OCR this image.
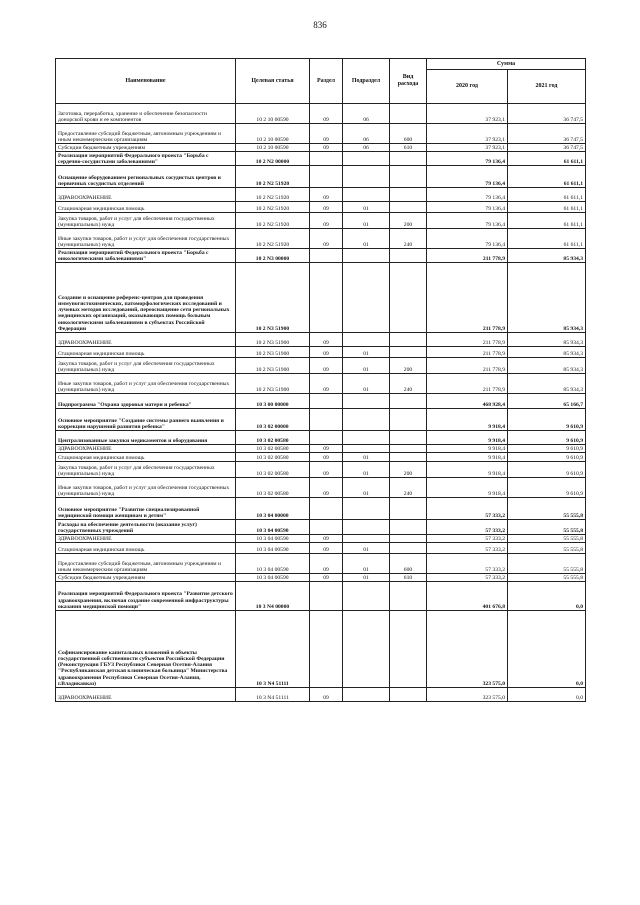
836
Наименование	Целевая статья	Раздел	Подраздел	Вид расхода	Сумма	
					2020 год	2021 год
Заготовка, переработка, хранение и обеспечение безопасности донорской крови и ее компонентов	10 2 10 00590	09	06		37 923,1	36 747,5
Предоставление субсидий бюджетным, автономным учреждениям и иным некоммерческим организациям	10 2 10 00590	09	06	600	37 923,1	36 747,5
Субсидии бюджетным учреждениям	10 2 10 00590	09	06	610	37 923,1	36 747,5
Реализация мероприятий Федерального проекта "Борьба с сердечно-сосудистыми заболеваниями"	10 2 N2 00000				79 136,4	61 611,1
Оснащение оборудованием региональных сосудистых центров и первичных сосудистых отделений	10 2 N2 51920				79 136,4	61 611,1
ЗДРАВООХРАНЕНИЕ	10 2 N2 51920	09			79 136,4	61 611,1
Стационарная медицинская помощь	10 2 N2 51920	09	01		79 136,4	61 611,1
Закупка товаров, работ и услуг для обеспечения государственных (муниципальных) нужд	10 2 N2 51920	09	01	200	79 136,4	61 611,1
Иные закупки товаров, работ и услуг для обеспечения государственных (муниципальных) нужд	10 2 N2 51920	09	01	240	79 136,4	61 611,1
Реализация мероприятий Федерального проекта "Борьба с онкологическими заболеваниями"	10 2 N3 00000				211 778,9	85 934,3
Создание и оснащение референс-центров для проведения иммуногистохимических, патоморфологических исследований и лучевых методов исследований, переоснащение сети региональных медицинских организаций, оказывающих помощь больным онкологическими заболеваниями в субъектах Российской Федерации	10 2 N3 51900				211 778,9	85 934,3
ЗДРАВООХРАНЕНИЕ	10 2 N3 51900	09			211 778,9	85 934,3
Стационарная медицинская помощь	10 2 N3 51900	09	01		211 778,9	85 934,3
Закупка товаров, работ и услуг для обеспечения государственных (муниципальных) нужд	10 2 N3 51900	09	01	200	211 778,9	85 934,3
Иные закупки товаров, работ и услуг для обеспечения государственных (муниципальных) нужд	10 2 N3 51900	09	01	240	211 778,9	85 934,3
Подпрограмма "Охрана здоровья матери и ребенка"	10 3 00 00000				468 928,4	65 166,7
Основное мероприятие "Создание системы раннего выявления и коррекции нарушений развития ребенка"	10 3 02 00000				9 918,4	9 610,9
Централизованные закупки медикаментов и оборудования	10 3 02 00580				9 918,4	9 610,9
ЗДРАВООХРАНЕНИЕ	10 3 02 00580	09			9 918,4	9 610,9
Стационарная медицинская помощь	10 3 02 00580	09	01		9 918,4	9 610,9
Закупка товаров, работ и услуг для обеспечения государственных (муниципальных) нужд	10 3 02 00580	09	01	200	9 918,4	9 610,9
Иные закупки товаров, работ и услуг для обеспечения государственных (муниципальных) нужд	10 3 02 00580	09	01	240	9 918,4	9 610,9
Основное мероприятие "Развитие специализированной медицинской помощи женщинам и детям"	10 3 04 00000				57 333,2	55 555,8
Расходы на обеспечение деятельности (оказание услуг) государственных учреждений	10 3 04 00590				57 333,2	55 555,8
ЗДРАВООХРАНЕНИЕ	10 3 04 00590	09			57 333,2	55 555,8
Стационарная медицинская помощь	10 3 04 00590	09	01		57 333,2	55 555,8
Предоставление субсидий бюджетным, автономным учреждениям и иным некоммерческим организациям	10 3 04 00590	09	01	600	57 333,2	55 555,8
Субсидии бюджетным учреждениям	10 3 04 00590	09	01	610	57 333,2	55 555,8
Реализация мероприятий Федерального проекта "Развитие детского здравоохранения, включая создание современной инфраструктуры оказания медицинской помощи"	10 3 N4 00000				401 676,8	0,0
Софинансирование капитальных вложений в объекты государственной собственности субъектов Российской Федерации (Реконструкция ГБУЗ Республики Северная Осетия-Алания "Республиканская детская клиническая больница" Министерства здравоохранения Республики Северная Осетия-Алания, г.Владикавказ)	10 3 N4 51111				323 575,0	0,0
ЗДРАВООХРАНЕНИЕ	10 3 N4 51111	09			323 575,0	0,0
